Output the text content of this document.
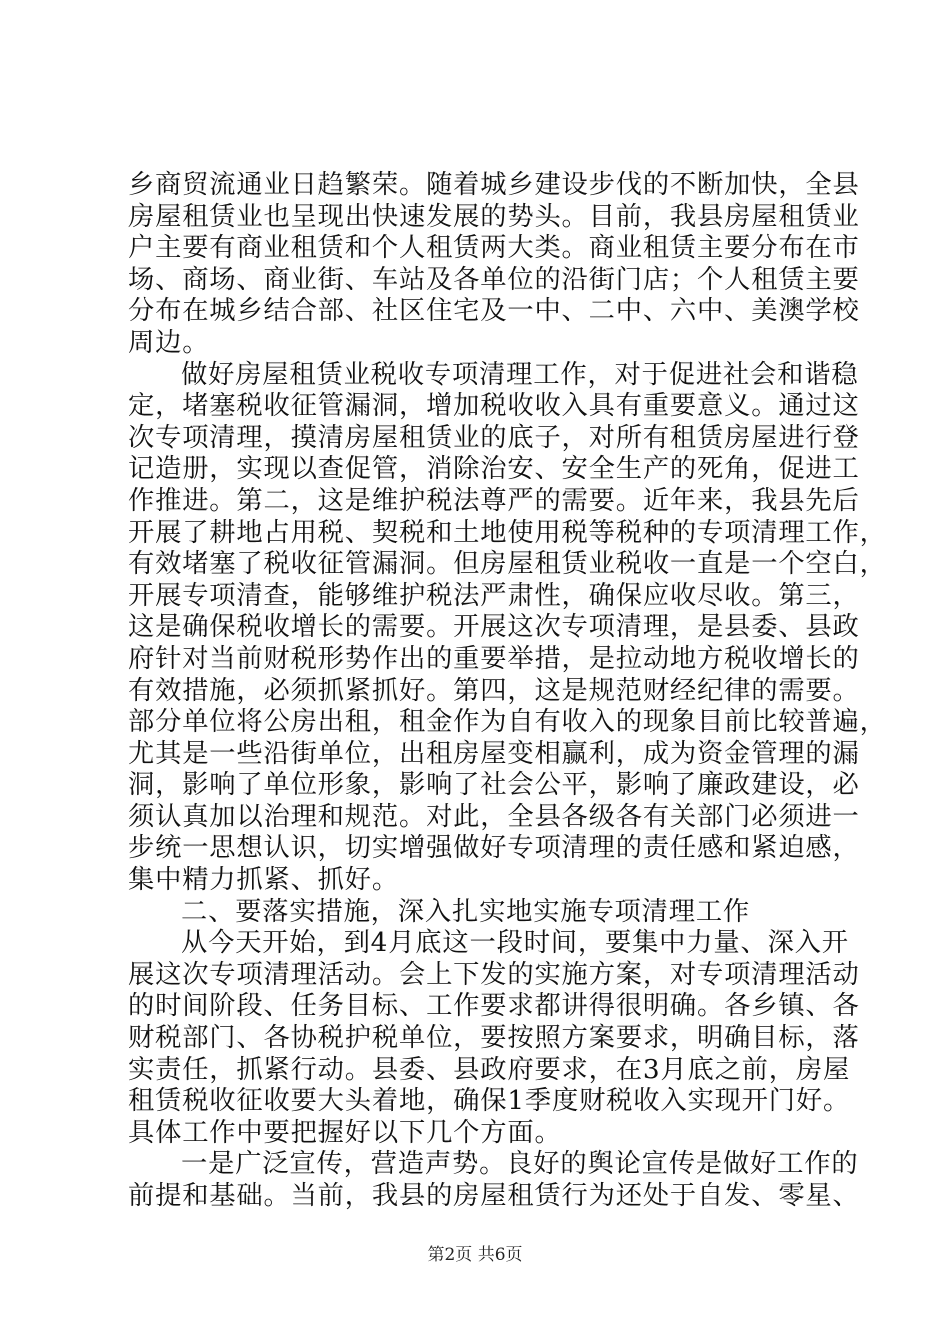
乡商贸流通业日趋繁荣。随着城乡建设步伐的不断加快，全县
房屋租赁业也呈现出快速发展的势头。目前，我县房屋租赁业
户主要有商业租赁和个人租赁两大类。商业租赁主要分布在市
场、商场、商业街、车站及各单位的沿街门店；个人租赁主要
分布在城乡结合部、社区住宅及一中、二中、六中、美澳学校
周边。
做好房屋租赁业税收专项清理工作，对于促进社会和谐稳
定，堵塞税收征管漏洞，增加税收收入具有重要意义。通过这
次专项清理，摸清房屋租赁业的底子，对所有租赁房屋进行登
记造册，实现以查促管，消除治安、安全生产的死角，促进工
作推进。第二，这是维护税法尊严的需要。近年来，我县先后
开展了耕地占用税、契税和土地使用税等税种的专项清理工作，
有效堵塞了税收征管漏洞。但房屋租赁业税收一直是一个空白，
开展专项清查，能够维护税法严肃性，确保应收尽收。第三，
这是确保税收增长的需要。开展这次专项清理，是县委、县政
府针对当前财税形势作出的重要举措，是拉动地方税收增长的
有效措施，必须抓紧抓好。第四，这是规范财经纪律的需要。
部分单位将公房出租，租金作为自有收入的现象目前比较普遍，
尤其是一些沿街单位，出租房屋变相赢利，成为资金管理的漏
洞，影响了单位形象，影响了社会公平，影响了廉政建设，必
须认真加以治理和规范。对此，全县各级各有关部门必须进一
步统一思想认识，切实增强做好专项清理的责任感和紧迫感，
集中精力抓紧、抓好。
二、要落实措施，深入扎实地实施专项清理工作
从今天开始，到4月底这一段时间，要集中力量、深入开
展这次专项清理活动。会上下发的实施方案，对专项清理活动
的时间阶段、任务目标、工作要求都讲得很明确。各乡镇、各
财税部门、各协税护税单位，要按照方案要求，明确目标，落
实责任，抓紧行动。县委、县政府要求，在3月底之前，房屋
租赁税收征收要大头着地，确保1季度财税收入实现开门好。
具体工作中要把握好以下几个方面。
一是广泛宣传，营造声势。良好的舆论宣传是做好工作的
前提和基础。当前，我县的房屋租赁行为还处于自发、零星、
第2页 共6页
